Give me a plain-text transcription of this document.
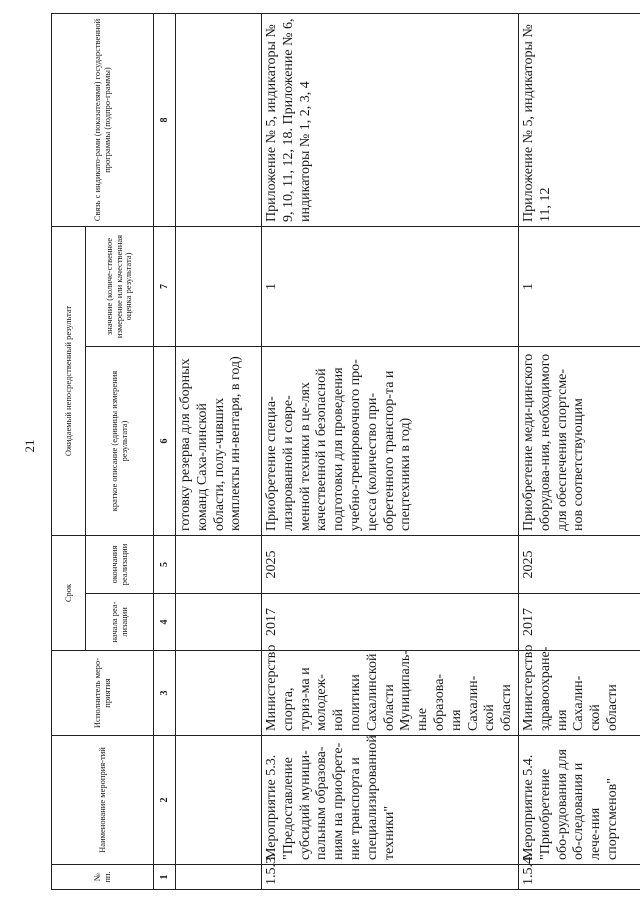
21
№ пп.	Наименование мероприя-тий	Исполнитель меро-приятия	Срок		Ожидаемый непосредственный результат		Связь с индикато-рами (показателями) государственной программы (подпро-граммы)
			начала реа-лизации	окончания реализации	краткое описание (единицы измерения результата)	значение (количе-ственное измерение или качественная оценка результата)	
1	2	3	4	5	6	7	8
					готовку резерва для сборных команд Саха-линской области, полу-чивших комплекты ин-вентаря, в год)		
1.5.3.	Мероприятие 5.3. "Предоставление субсидий муници-пальным образова-ниям на приобрете-ние транспорта и специализированной техники"	Министерство спорта, туриз-ма и молодеж-ной политики Сахалинской области Муниципаль-ные образова-ния Сахалин-ской области	2017	2025	Приобретение специа-лизированной и совре-менной техники в це-лях качественной и безопасной подготовки для проведения учебно-тренировочного про-цесса (количество при-обретенного транспор-та и спецтехники в год)	1	Приложение № 5, индикаторы № 9, 10, 11, 12, 18. Приложение № 6, индикаторы № 1, 2, 3, 4
1.5.4.	Мероприятие 5.4. "Приобретение обо-рудования для об-следования и лече-ния спортсменов"	Министерство здравоохране-ния Сахалин-ской области	2017	2025	Приобретение меди-цинского оборудова-ния, необходимого для обеспечения спортсме-нов соответствующим	1	Приложение № 5, индикаторы № 11, 12
